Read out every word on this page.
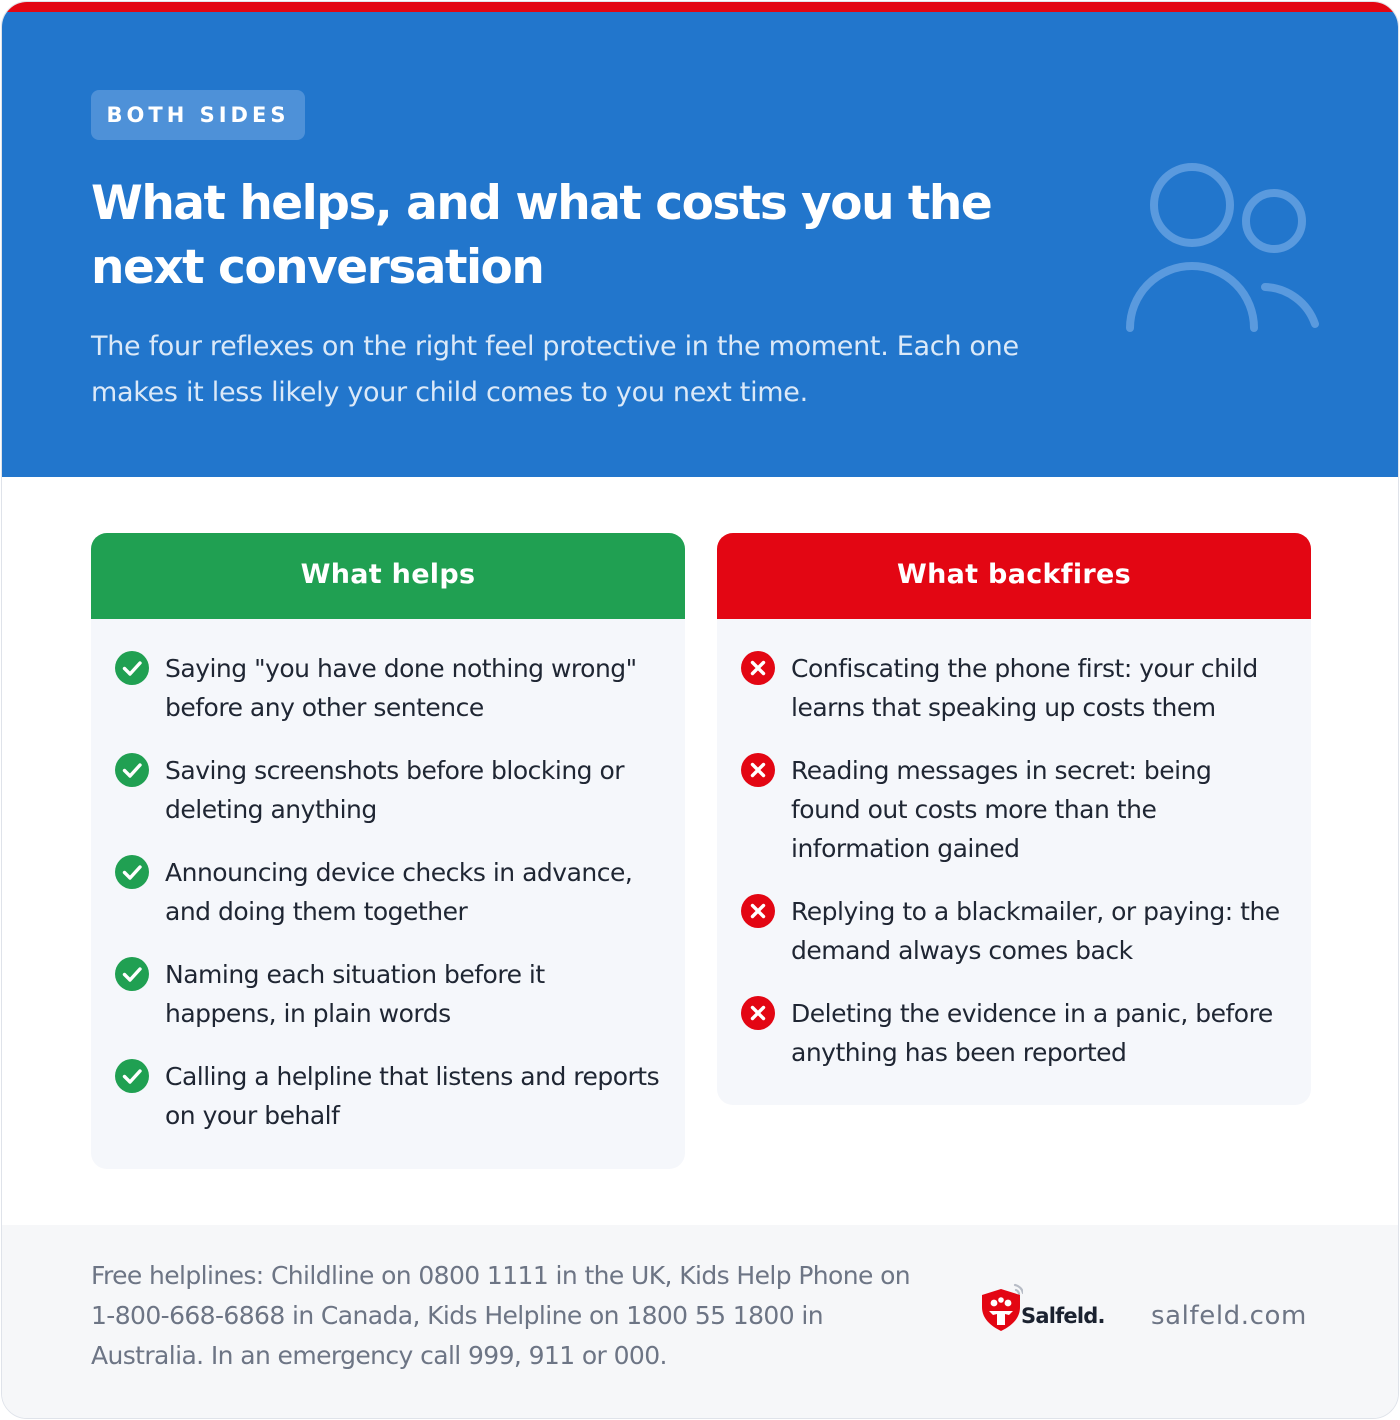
BOTH SIDES
What helps, and what costs you the next conversation

The four reflexes on the right feel protective in the moment. Each one makes it less likely your child comes to you next time.

What helps
Saying "you have done nothing wrong" before any other sentence
Saving screenshots before blocking or deleting anything
Announcing device checks in advance, and doing them together
Naming each situation before it happens, in plain words
Calling a helpline that listens and reports on your behalf
What backfires
Confiscating the phone first: your child learns that speaking up costs them
Reading messages in secret: being found out costs more than the information gained
Replying to a blackmailer, or paying: the demand always comes back
Deleting the evidence in a panic, before anything has been reported

Free helplines: Childline on 0800 1111 in the UK, Kids Help Phone on 1-800-668-6868 in Canada, Kids Helpline on 1800 55 1800 in Australia. In an emergency call 999, 911 or 000.

Salfeld. salfeld.com
